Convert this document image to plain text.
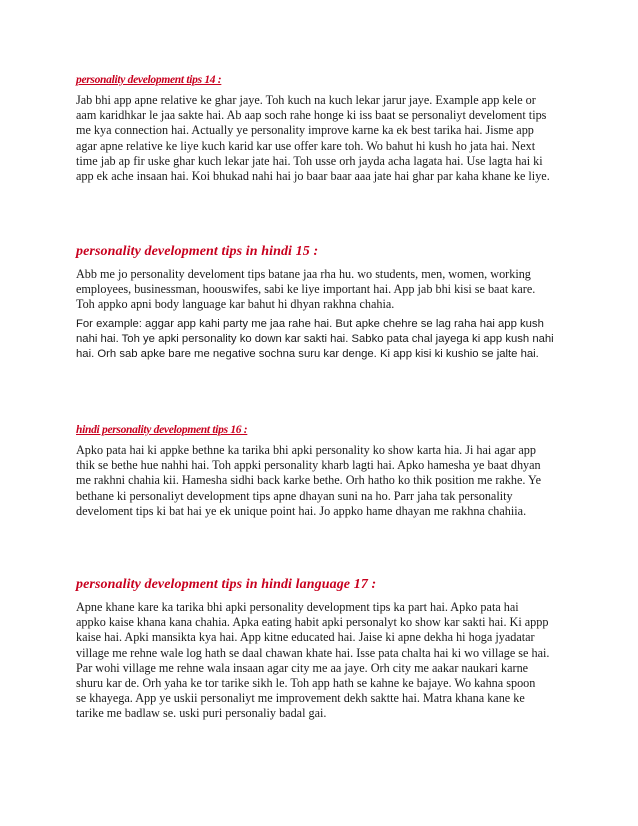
personality development tips 14 :

Jab bhi app apne relative ke ghar jaye. Toh kuch na kuch lekar jarur jaye. Example app kele or
aam karidhkar le jaa sakte hai. Ab aap soch rahe honge ki iss baat se personaliyt develoment tips
me kya connection hai. Actually ye personality improve karne ka ek best tarika hai. Jisme app
agar apne relative ke liye kuch karid kar use offer kare toh. Wo bahut hi kush ho jata hai. Next
time jab ap fir uske ghar kuch lekar jate hai. Toh usse orh jayda acha lagata hai. Use lagta hai ki
app ek ache insaan hai. Koi bhukad nahi hai jo baar baar aaa jate hai ghar par kaha khane ke liye.

personality development tips in hindi 15 :

Abb me jo personality develoment tips batane jaa rha hu. wo students, men, women, working
employees, businessman, hoouswifes, sabi ke liye important hai. App jab bhi kisi se baat kare.
Toh appko apni body language kar bahut hi dhyan rakhna chahia.

For example: aggar app kahi party me jaa rahe hai. But apke chehre se lag raha hai app kush
nahi hai. Toh ye apki personality ko down kar sakti hai. Sabko pata chal jayega ki app kush nahi
hai. Orh sab apke bare me negative sochna suru kar denge. Ki app kisi ki kushio se jalte hai.

hindi personality development tips 16 :

Apko pata hai ki appke bethne ka tarika bhi apki personality ko show karta hia. Ji hai agar app
thik se bethe hue nahhi hai. Toh appki personality kharb lagti hai. Apko hamesha ye baat dhyan
me rakhni chahia kii. Hamesha sidhi back karke bethe. Orh hatho ko thik position me rakhe. Ye
bethane ki personaliyt development tips apne dhayan suni na ho. Parr jaha tak personality
develoment tips ki bat hai ye ek unique point hai. Jo appko hame dhayan me rakhna chahiia.

personality development tips in hindi language 17 :

Apne khane kare ka tarika bhi apki personality development tips ka part hai. Apko pata hai
appko kaise khana kana chahia. Apka eating habit apki personalyt ko show kar sakti hai. Ki appp
kaise hai. Apki mansikta kya hai. App kitne educated hai. Jaise ki apne dekha hi hoga jyadatar
village me rehne wale log hath se daal chawan khate hai. Isse pata chalta hai ki wo village se hai.
Par wohi village me rehne wala insaan agar city me aa jaye. Orh city me aakar naukari karne
shuru kar de. Orh yaha ke tor tarike sikh le. Toh app hath se kahne ke bajaye. Wo kahna spoon
se khayega. App ye uskii personaliyt me improvement dekh saktte hai. Matra khana kane ke
tarike me badlaw se. uski puri personaliy badal gai.
